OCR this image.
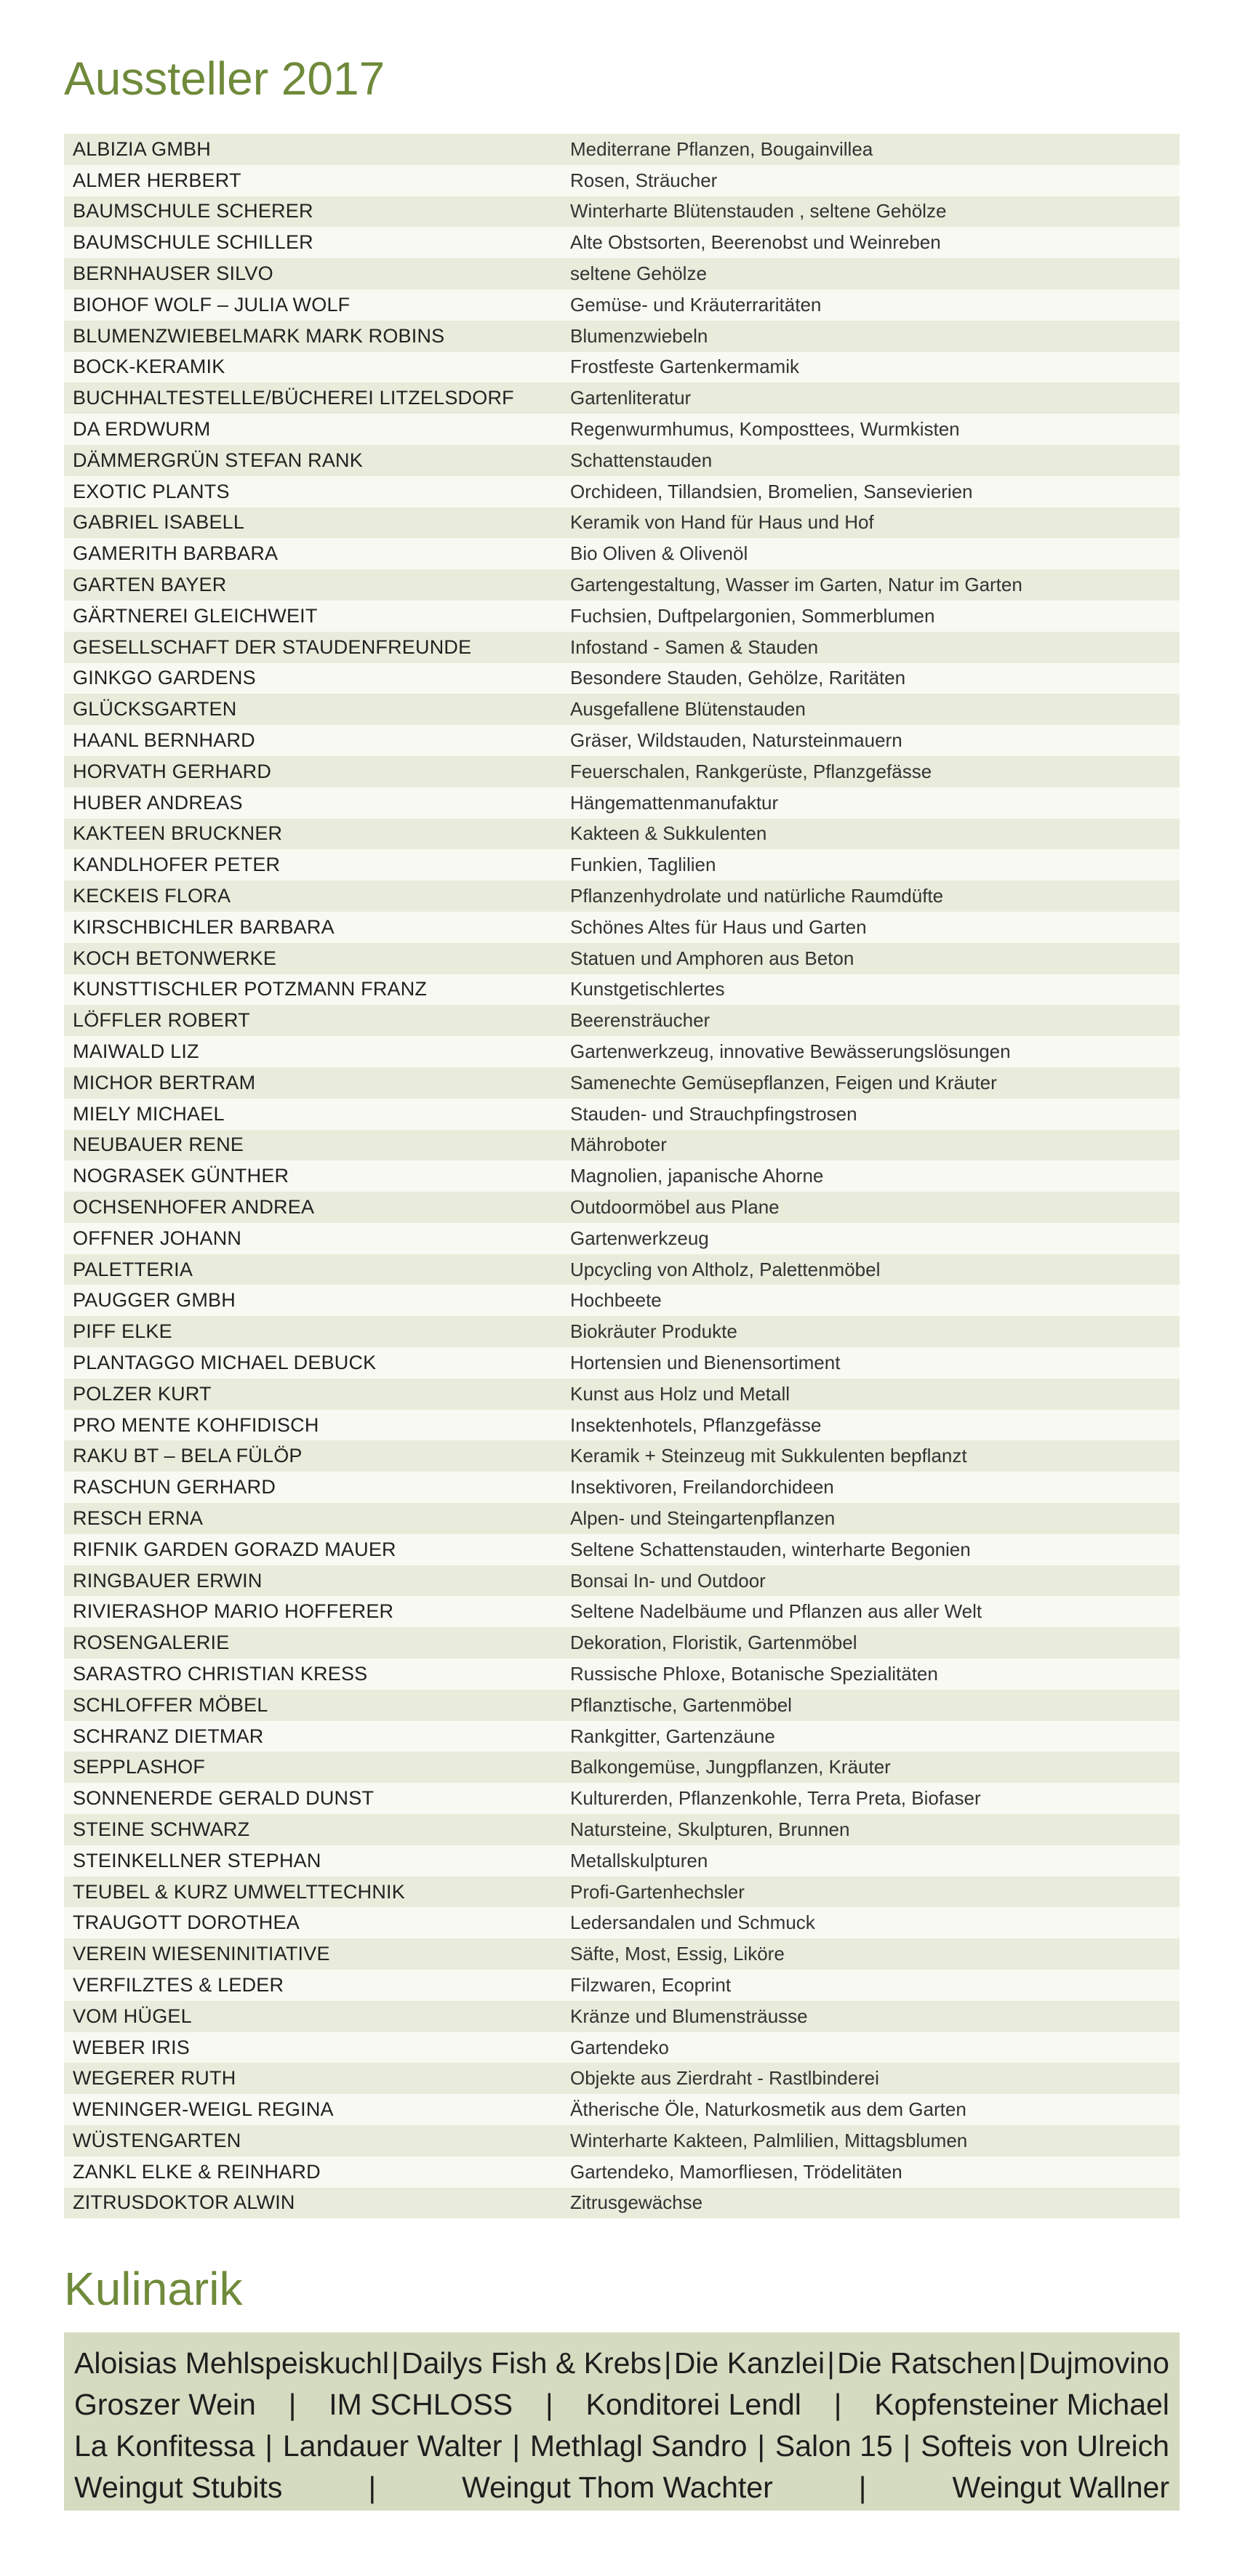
Aussteller 2017
ALBIZIA GMBH	Mediterrane Pflanzen, Bougainvillea
ALMER HERBERT	Rosen, Sträucher
BAUMSCHULE SCHERER	Winterharte Blütenstauden , seltene Gehölze
BAUMSCHULE SCHILLER	Alte Obstsorten, Beerenobst und Weinreben
BERNHAUSER SILVO	seltene Gehölze
BIOHOF WOLF – JULIA WOLF	Gemüse- und Kräuterraritäten
BLUMENZWIEBELMARK MARK ROBINS	Blumenzwiebeln
BOCK-KERAMIK	Frostfeste Gartenkermamik
BUCHHALTESTELLE/BÜCHEREI LITZELSDORF	Gartenliteratur
DA ERDWURM	Regenwurmhumus, Komposttees, Wurmkisten
DÄMMERGRÜN STEFAN RANK	Schattenstauden
EXOTIC PLANTS	Orchideen, Tillandsien, Bromelien, Sansevierien
GABRIEL ISABELL	Keramik von Hand für Haus und Hof
GAMERITH BARBARA	Bio Oliven & Olivenöl
GARTEN BAYER	Gartengestaltung, Wasser im Garten, Natur im Garten
GÄRTNEREI GLEICHWEIT	Fuchsien, Duftpelargonien, Sommerblumen
GESELLSCHAFT DER STAUDENFREUNDE	Infostand - Samen & Stauden
GINKGO GARDENS	Besondere Stauden, Gehölze, Raritäten
GLÜCKSGARTEN	Ausgefallene Blütenstauden
HAANL BERNHARD	Gräser, Wildstauden, Natursteinmauern
HORVATH GERHARD	Feuerschalen, Rankgerüste, Pflanzgefässe
HUBER ANDREAS	Hängemattenmanufaktur
KAKTEEN BRUCKNER	Kakteen & Sukkulenten
KANDLHOFER PETER	Funkien, Taglilien
KECKEIS FLORA	Pflanzenhydrolate und natürliche Raumdüfte
KIRSCHBICHLER BARBARA	Schönes Altes für Haus und Garten
KOCH BETONWERKE	Statuen und Amphoren aus Beton
KUNSTTISCHLER POTZMANN FRANZ	Kunstgetischlertes
LÖFFLER ROBERT	Beerensträucher
MAIWALD LIZ	Gartenwerkzeug, innovative Bewässerungslösungen
MICHOR BERTRAM	Samenechte Gemüsepflanzen, Feigen und Kräuter
MIELY MICHAEL	Stauden- und Strauchpfingstrosen
NEUBAUER RENE	Mähroboter
NOGRASEK GÜNTHER	Magnolien, japanische Ahorne
OCHSENHOFER ANDREA	Outdoormöbel aus Plane
OFFNER JOHANN	Gartenwerkzeug
PALETTERIA	Upcycling von Altholz, Palettenmöbel
PAUGGER GMBH	Hochbeete
PIFF ELKE	Biokräuter Produkte
PLANTAGGO MICHAEL DEBUCK	Hortensien und Bienensortiment
POLZER KURT	Kunst aus Holz und Metall
PRO MENTE KOHFIDISCH	Insektenhotels, Pflanzgefässe
RAKU BT – BELA FÜLÖP	Keramik + Steinzeug mit Sukkulenten bepflanzt
RASCHUN GERHARD	Insektivoren, Freilandorchideen
RESCH ERNA	Alpen- und Steingartenpflanzen
RIFNIK GARDEN GORAZD MAUER	Seltene Schattenstauden, winterharte Begonien
RINGBAUER ERWIN	Bonsai In- und Outdoor
RIVIERASHOP MARIO HOFFERER	Seltene Nadelbäume und Pflanzen aus aller Welt
ROSENGALERIE	Dekoration, Floristik, Gartenmöbel
SARASTRO CHRISTIAN KRESS	Russische Phloxe, Botanische Spezialitäten
SCHLOFFER MÖBEL	Pflanztische, Gartenmöbel
SCHRANZ DIETMAR	Rankgitter, Gartenzäune
SEPPLASHOF	Balkongemüse, Jungpflanzen, Kräuter
SONNENERDE GERALD DUNST	Kulturerden, Pflanzenkohle, Terra Preta, Biofaser
STEINE SCHWARZ	Natursteine, Skulpturen, Brunnen
STEINKELLNER STEPHAN	Metallskulpturen
TEUBEL & KURZ UMWELTTECHNIK	Profi-Gartenhechsler
TRAUGOTT DOROTHEA	Ledersandalen und Schmuck
VEREIN WIESENINITIATIVE	Säfte, Most, Essig, Liköre
VERFILZTES & LEDER	Filzwaren, Ecoprint
VOM HÜGEL	Kränze und Blumensträusse
WEBER IRIS	Gartendeko
WEGERER RUTH	Objekte aus Zierdraht - Rastlbinderei
WENINGER-WEIGL REGINA	Ätherische Öle, Naturkosmetik aus dem Garten
WÜSTENGARTEN	Winterharte Kakteen, Palmlilien, Mittagsblumen
ZANKL ELKE & REINHARD	Gartendeko, Mamorfliesen, Trödelitäten
ZITRUSDOKTOR ALWIN	Zitrusgewächse
Kulinarik
Aloisias Mehlspeiskuchl | Dailys Fish & Krebs | Die Kanzlei | Die Ratschen | Dujmovino
Groszer Wein | IM SCHLOSS | Konditorei Lendl | Kopfensteiner Michael
La Konfitessa | Landauer Walter | Methlagl Sandro | Salon 15 | Softeis von Ulreich
Weingut Stubits	|	Weingut Thom Wachter	|	Weingut Wallner
